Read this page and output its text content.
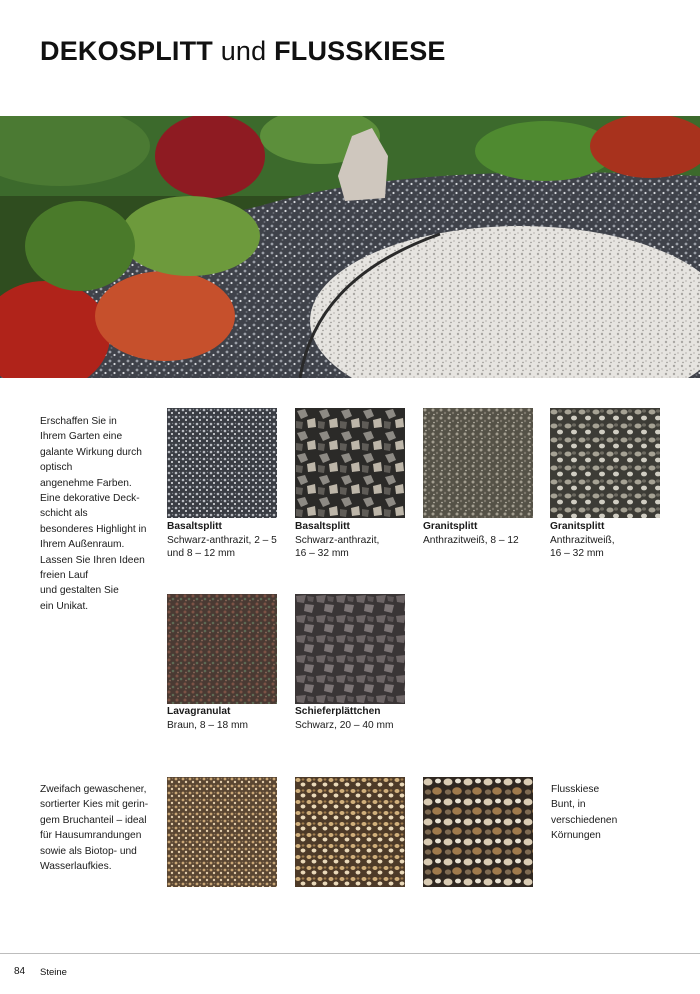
DEKOSPLITT und FLUSSKIESE

Erschaffen Sie in
Ihrem Garten eine
galante Wirkung durch
optisch
angenehme Farben.
Eine dekorative Deck-
schicht als
besonderes Highlight in
Ihrem Außenraum.
Lassen Sie Ihren Ideen
freien Lauf
und gestalten Sie
ein Unikat.

Basaltsplitt
Schwarz-anthrazit, 2 – 5
und 8 – 12 mm
Basaltsplitt
Schwarz-anthrazit,
16 – 32 mm
Granitsplitt
Anthrazitweiß, 8 – 12
Granitsplitt
Anthrazitweiß,
16 – 32 mm
Lavagranulat
Braun, 8 – 18 mm
Schieferplättchen
Schwarz, 20 – 40 mm

Zweifach gewaschener,
sortierter Kies mit gerin-
gem Bruchanteil – ideal
für Hausumrandungen
sowie als Biotop- und
Wasserlaufkies.

Flusskiese
Bunt, in
verschiedenen
Körnungen
84 Steine
